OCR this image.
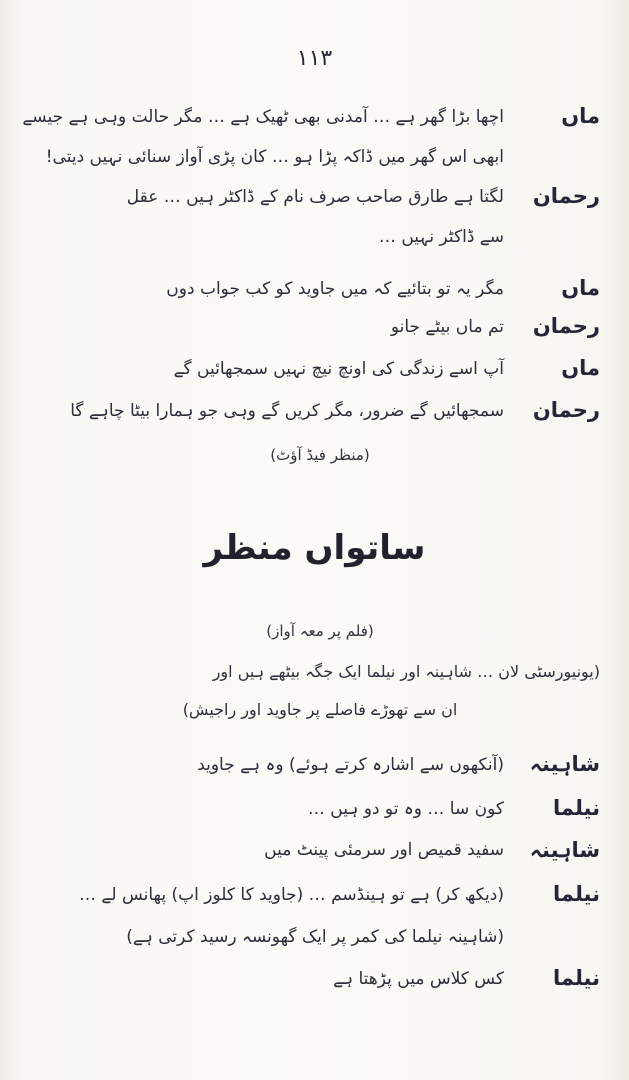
۱۱۳
ماں
اچھا بڑا گھر ہے … آمدنی بھی ٹھیک ہے … مگر حالت وہی ہے جیسے
ابھی اس گھر میں ڈاکہ پڑا ہو … کان پڑی آواز سنائی نہیں دیتی!
رحمان
لگتا ہے طارق صاحب صرف نام کے ڈاکٹر ہیں … عقل
سے ڈاکٹر نہیں …
ماں
مگر یہ تو بتائیے کہ میں جاوید کو کب جواب دوں
رحمان
تم ماں بیٹے جانو
ماں
آپ اسے زندگی کی اونچ نیچ نہیں سمجھائیں گے
رحمان
سمجھائیں گے ضرور، مگر کریں گے وہی جو ہمارا بیٹا چاہے گا
(منظر فیڈ آؤٹ)
ساتواں منظر
(فلم پر معہ آواز)
(یونیورسٹی لان … شاہینہ اور نیلما ایک جگہ بیٹھے ہیں اور
ان سے تھوڑے فاصلے پر جاوید اور راجیش)
شاہینہ
(آنکھوں سے اشارہ کرتے ہوئے) وہ ہے جاوید
نیلما
کون سا … وہ تو دو ہیں …
شاہینہ
سفید قمیص اور سرمئی پینٹ میں
نیلما
(دیکھ کر) ہے تو ہینڈسم … (جاوید کا کلوز اپ) پھانس لے …
(شاہینہ نیلما کی کمر پر ایک گھونسہ رسید کرتی ہے)
نیلما
کس کلاس میں پڑھتا ہے
